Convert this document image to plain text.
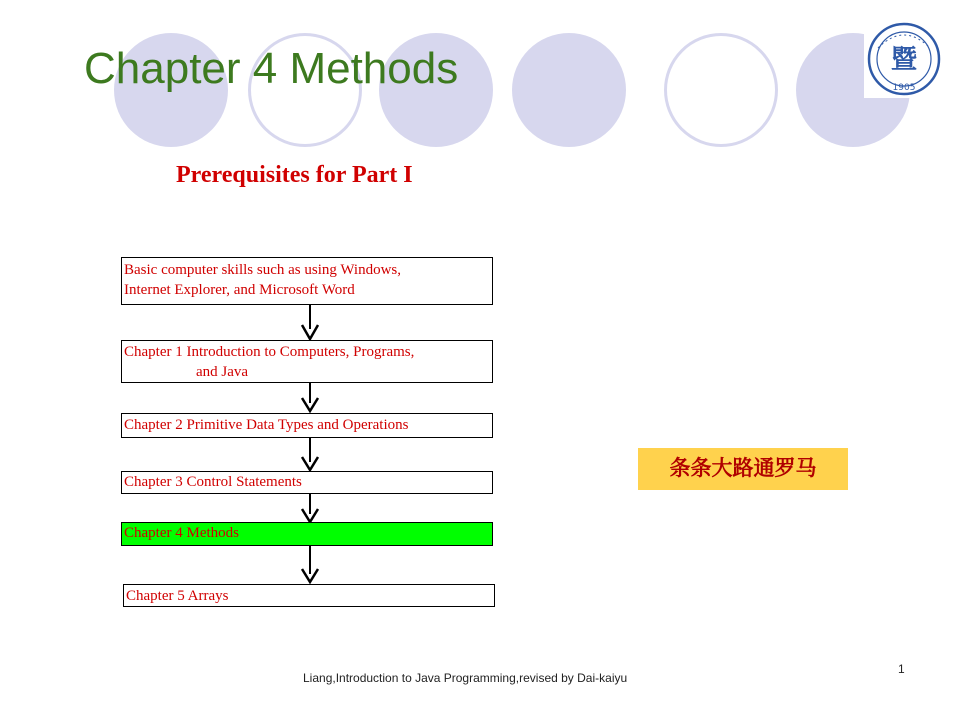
Chapter 4 Methods	暨
1905
Prerequisites for Part I
Basic computer skills such as using Windows,
Internet Explorer, and Microsoft Word
Chapter 1 Introduction to Computers, Programs,
and Java
Chapter 2 Primitive Data Types and Operations
Chapter 3 Control Statements
Chapter 4 Methods
Chapter 5 Arrays
条条大路通罗马
Liang,Introduction to Java Programming,revised by Dai-kaiyu
1
